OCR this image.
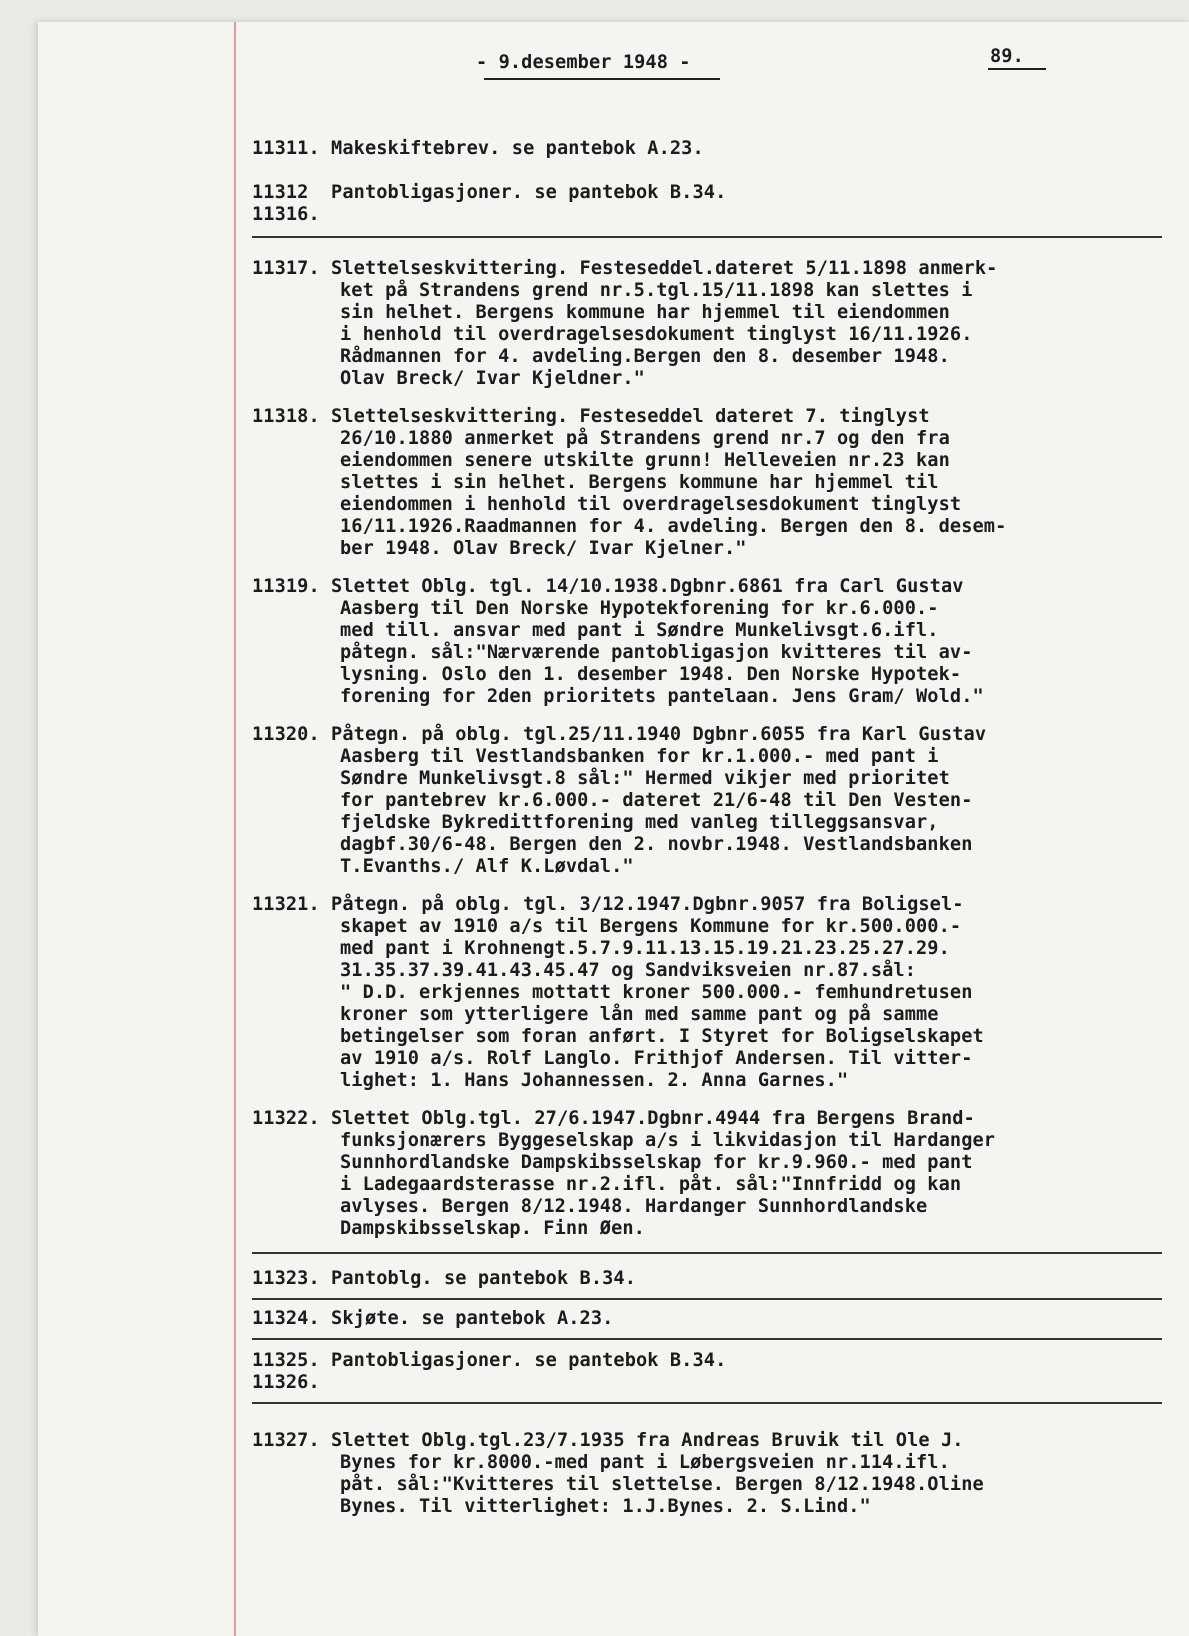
- 9.desember 1948 -	89.
11311. Makeskiftebrev. se pantebok A.23.
11312  Pantobligasjoner. se pantebok B.34.
11316.
11317. Slettelseskvittering. Festeseddel.dateret 5/11.1898 anmerk-
ket på Strandens grend nr.5.tgl.15/11.1898 kan slettes i
sin helhet. Bergens kommune har hjemmel til eiendommen
i henhold til overdragelsesdokument tinglyst 16/11.1926.
Rådmannen for 4. avdeling.Bergen den 8. desember 1948.
Olav Breck/ Ivar Kjeldner."
11318. Slettelseskvittering. Festeseddel dateret 7. tinglyst
26/10.1880 anmerket på Strandens grend nr.7 og den fra
eiendommen senere utskilte grunn! Helleveien nr.23 kan
slettes i sin helhet. Bergens kommune har hjemmel til
eiendommen i henhold til overdragelsesdokument tinglyst
16/11.1926.Raadmannen for 4. avdeling. Bergen den 8. desem-
ber 1948. Olav Breck/ Ivar Kjelner."
11319. Slettet Oblg. tgl. 14/10.1938.Dgbnr.6861 fra Carl Gustav
Aasberg til Den Norske Hypotekforening for kr.6.000.-
med till. ansvar med pant i Søndre Munkelivsgt.6.ifl.
påtegn. sål:"Nærværende pantobligasjon kvitteres til av-
lysning. Oslo den 1. desember 1948. Den Norske Hypotek-
forening for 2den prioritets pantelaan. Jens Gram/ Wold."
11320. Påtegn. på oblg. tgl.25/11.1940 Dgbnr.6055 fra Karl Gustav
Aasberg til Vestlandsbanken for kr.1.000.- med pant i
Søndre Munkelivsgt.8 sål:" Hermed vikjer med prioritet
for pantebrev kr.6.000.- dateret 21/6-48 til Den Vesten-
fjeldske Bykredittforening med vanleg tilleggsansvar,
dagbf.30/6-48. Bergen den 2. novbr.1948. Vestlandsbanken
T.Evanths./ Alf K.Løvdal."
11321. Påtegn. på oblg. tgl. 3/12.1947.Dgbnr.9057 fra Boligsel-
skapet av 1910 a/s til Bergens Kommune for kr.500.000.-
med pant i Krohnengt.5.7.9.11.13.15.19.21.23.25.27.29.
31.35.37.39.41.43.45.47 og Sandviksveien nr.87.sål:
" D.D. erkjennes mottatt kroner 500.000.- femhundretusen
kroner som ytterligere lån med samme pant og på samme
betingelser som foran anført. I Styret for Boligselskapet
av 1910 a/s. Rolf Langlo. Frithjof Andersen. Til vitter-
lighet: 1. Hans Johannessen. 2. Anna Garnes."
11322. Slettet Oblg.tgl. 27/6.1947.Dgbnr.4944 fra Bergens Brand-
funksjonærers Byggeselskap a/s i likvidasjon til Hardanger
Sunnhordlandske Dampskibsselskap for kr.9.960.- med pant
i Ladegaardsterasse nr.2.ifl. påt. sål:"Innfridd og kan
avlyses. Bergen 8/12.1948. Hardanger Sunnhordlandske
Dampskibsselskap. Finn Øen.
11323. Pantoblg. se pantebok B.34.
11324. Skjøte. se pantebok A.23.
11325. Pantobligasjoner. se pantebok B.34.
11326.
11327. Slettet Oblg.tgl.23/7.1935 fra Andreas Bruvik til Ole J.
Bynes for kr.8000.-med pant i Løbergsveien nr.114.ifl.
påt. sål:"Kvitteres til slettelse. Bergen 8/12.1948.Oline
Bynes. Til vitterlighet: 1.J.Bynes. 2. S.Lind."
